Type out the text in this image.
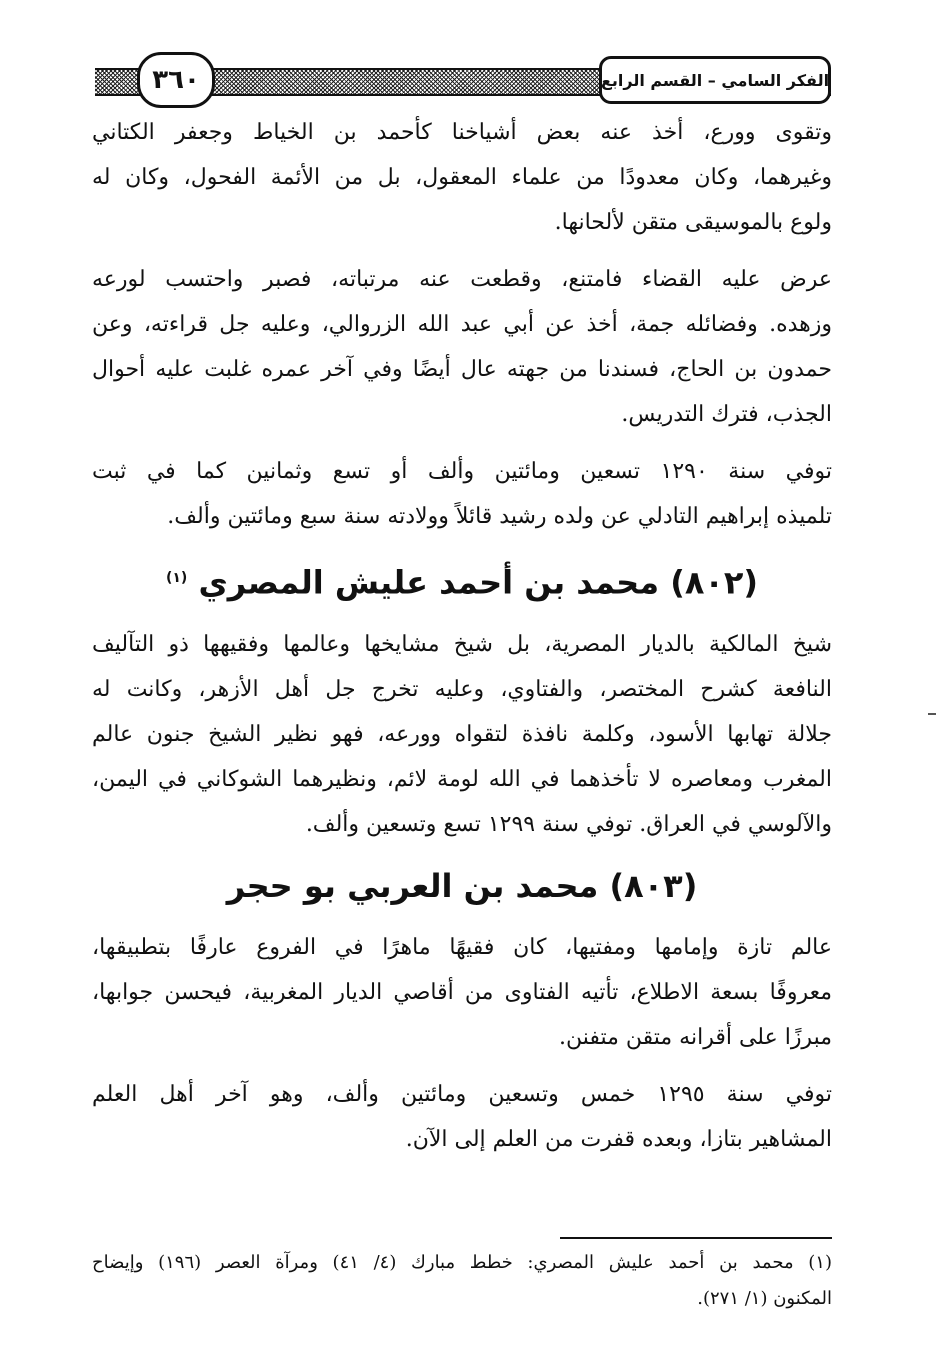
٣٦٠	الفكر السامي – القسم الرابع
وتقوى وورع، أخذ عنه بعض أشياخنا كأحمد بن الخياط وجعفر الكتاني
وغيرهما، وكان معدودًا من علماء المعقول، بل من الأئمة الفحول، وكان له
ولوع بالموسيقى متقن لألحانها.
عرض عليه القضاء فامتنع، وقطعت عنه مرتباته، فصبر واحتسب لورعه
وزهده. وفضائله جمة، أخذ عن أبي عبد الله الزروالي، وعليه جل قراءته، وعن
حمدون بن الحاج، فسندنا من جهته عال أيضًا وفي آخر عمره غلبت عليه أحوال
الجذب، فترك التدريس.
توفي سنة ١٢٩٠ تسعين ومائتين وألف أو تسع وثمانين كما في ثبت
تلميذه إبراهيم التادلي عن ولده رشيد قائلاً وولادته سنة سبع ومائتين وألف.
(٨٠٢) محمد بن أحمد عليش المصري $^{(١)}$
شيخ المالكية بالديار المصرية، بل شيخ مشايخها وعالمها وفقيهها ذو التآليف
النافعة كشرح المختصر، والفتاوي، وعليه تخرج جل أهل الأزهر، وكانت له
جلالة تهابها الأسود، وكلمة نافذة لتقواه وورعه، فهو نظير الشيخ جنون عالم
المغرب ومعاصره لا تأخذهما في الله لومة لائم، ونظيرهما الشوكاني في اليمن،
والآلوسي في العراق. توفي سنة ١٢٩٩ تسع وتسعين وألف.
(٨٠٣) محمد بن العربي بو حجر
عالم تازة وإمامها ومفتيها، كان فقيهًا ماهرًا في الفروع عارفًا بتطبيقها،
معروفًا بسعة الاطلاع، تأتيه الفتاوى من أقاصي الديار المغربية، فيحسن جوابها،
مبرزًا على أقرانه متقن متفنن.
توفي سنة ١٢٩٥ خمس وتسعين ومائتين وألف، وهو آخر أهل العلم
المشاهير بتازا، وبعده قفرت من العلم إلى الآن.
(١) محمد بن أحمد عليش المصري: خطط مبارك (٤/ ٤١) ومرآة العصر (١٩٦) وإيضاح
المكنون (١/ ٢٧١).
